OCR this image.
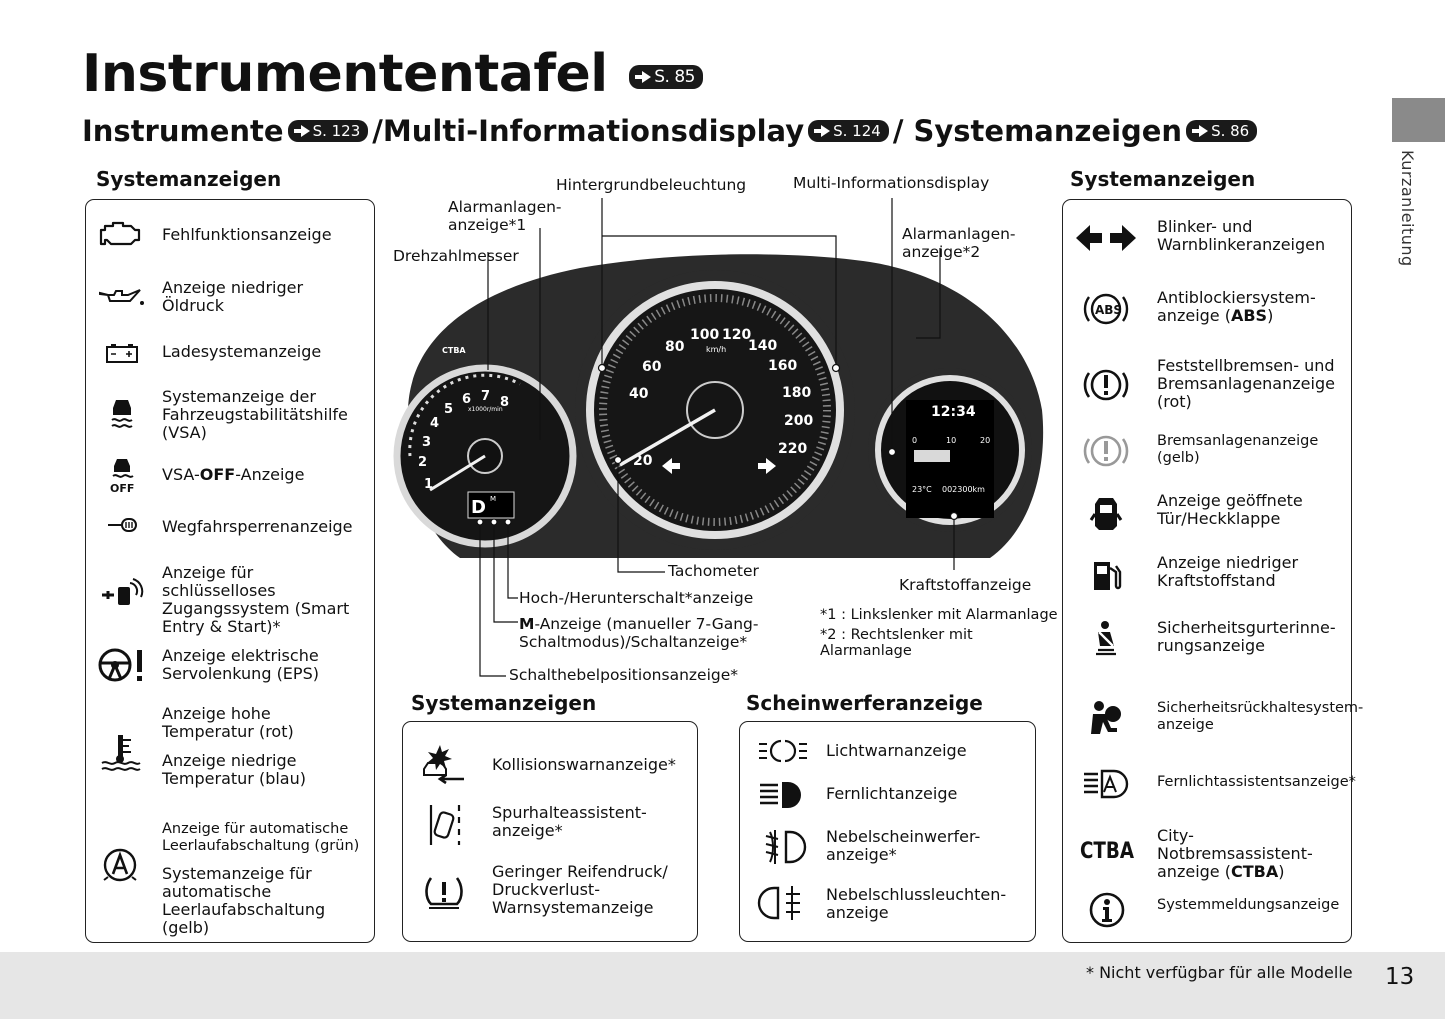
Instrumententafel	S. 85
Instrumente S. 123 /Multi-Informationsdisplay S. 124 / Systemanzeigen S. 86
Kurzanleitung
* Nicht verfügbar für alle Modelle 13
Systemanzeigen
Fehlfunktionsanzeige
Anzeige niedriger Öldruck
Ladesystemanzeige
Systemanzeige der Fahrzeugstabilitätshilfe (VSA)
OFF
VSA-OFF-Anzeige
Wegfahrsperrenanzeige
Anzeige für schlüsselloses Zugangssystem (Smart Entry & Start)*
Anzeige elektrische Servolenkung (EPS)
Anzeige hohe Temperatur (rot)
Anzeige niedrige Temperatur (blau)
Anzeige für automatische Leerlaufabschaltung (grün)
Systemanzeige für automatische Leerlaufabschaltung (gelb)
Systemanzeigen
Blinker- und Warnblinkeranzeigen
ABS
Antiblockiersystem-anzeige (ABS)
Feststellbremsen- und Bremsanlagenanzeige (rot)
Bremsanlagenanzeige (gelb)
Anzeige geöffnete Tür/Heckklappe
Anzeige niedriger Kraftstoffstand
Sicherheitsgurterinne-rungsanzeige
Sicherheitsrückhaltesystem-anzeige
Fernlichtassistentsanzeige*
CTBA
City-Notbremsassistent-anzeige (CTBA)
Systemmeldungsanzeige
Systemanzeigen
Kollisionswarnanzeige*
Spurhalteassistent-anzeige*
Geringer Reifendruck/ Druckverlust-Warnsystemanzeige
Scheinwerferanzeige
Lichtwarnanzeige
Fernlichtanzeige
Nebelscheinwerfer-anzeige*
Nebelschlussleuchten-anzeige
1
2
3
4
5
6 7 8
x1000r/min
D M
20
40
60
80
100 120
140
160
180
200
220
km/h
12:34
0	10	20
23°C 002300km
CTBA
Hintergrundbeleuchtung	Multi-Informationsdisplay
Alarmanlagen-anzeige*1	Alarmanlagen-anzeige*2
Drehzahlmesser
Tachometer
Kraftstoffanzeige
Hoch-/Herunterschalt*anzeige
M-Anzeige (manueller 7-Gang-Schaltmodus)/Schaltanzeige*
Schalthebelpositionsanzeige*
*1 : Linkslenker mit Alarmanlage
*2 : Rechtslenker mit Alarmanlage
